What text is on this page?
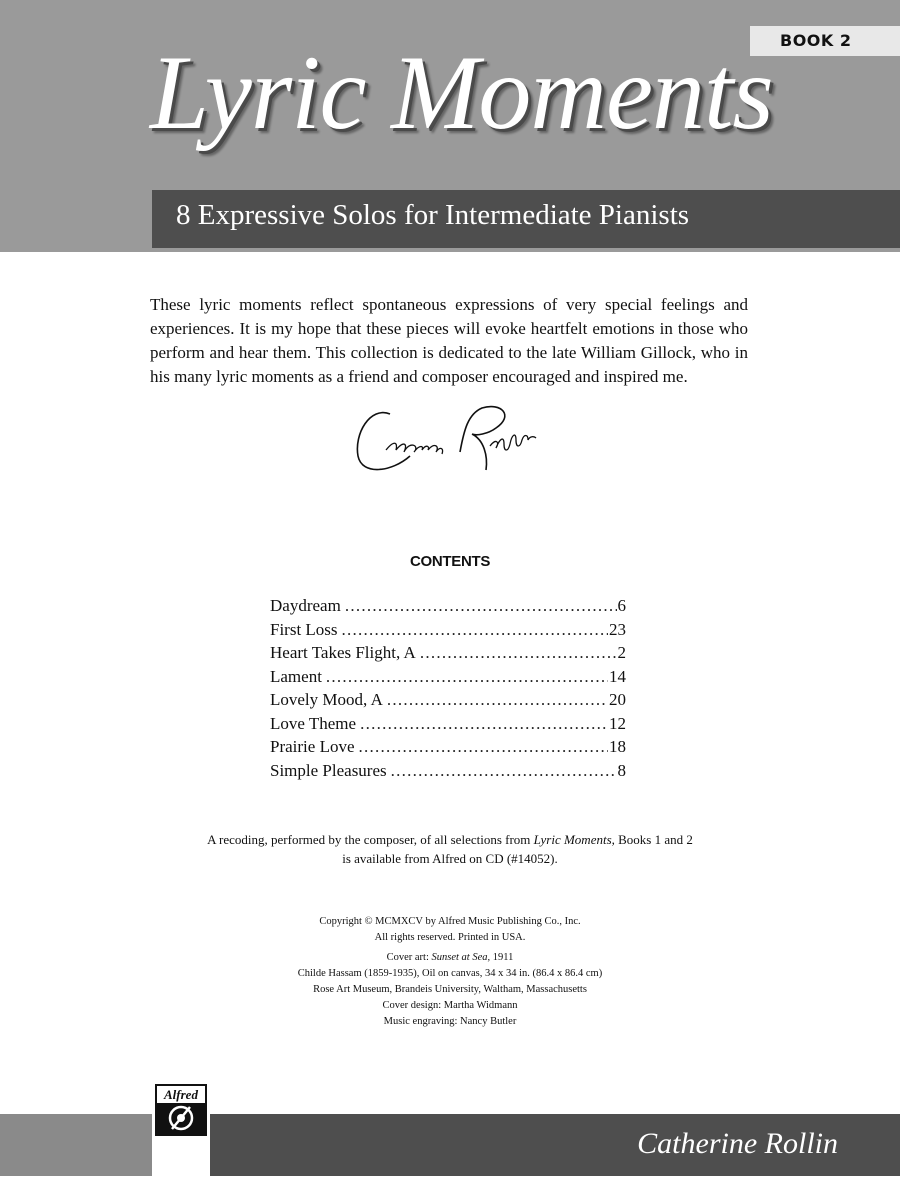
BOOK 2
Lyric Moments
8 Expressive Solos for Intermediate Pianists

These lyric moments reflect spontaneous expressions of very special feelings and experiences. It is my hope that these pieces will evoke heartfelt emotions in those who perform and hear them. This collection is dedicated to the late William Gillock, who in his many lyric moments as a friend and composer encouraged and inspired me.

CONTENTS
Daydream . . .	6
First Loss . . .	23
Heart Takes Flight, A . . .	2
Lament . . .	14
Lovely Mood, A . . .	20
Love Theme . . .	12
Prairie Love . . .	18
Simple Pleasures . . .	8
A recoding, performed by the composer, of all selections from Lyric Moments, Books 1 and 2
is available from Alfred on CD (#14052).
Copyright © MCMXCV by Alfred Music Publishing Co., Inc.
All rights reserved. Printed in USA.
Cover art: Sunset at Sea, 1911
Childe Hassam (1859-1935), Oil on canvas, 34 x 34 in. (86.4 x 86.4 cm)
Rose Art Museum, Brandeis University, Waltham, Massachusetts
Cover design: Martha Widmann
Music engraving: Nancy Butler
Catherine Rollin
Alfred
